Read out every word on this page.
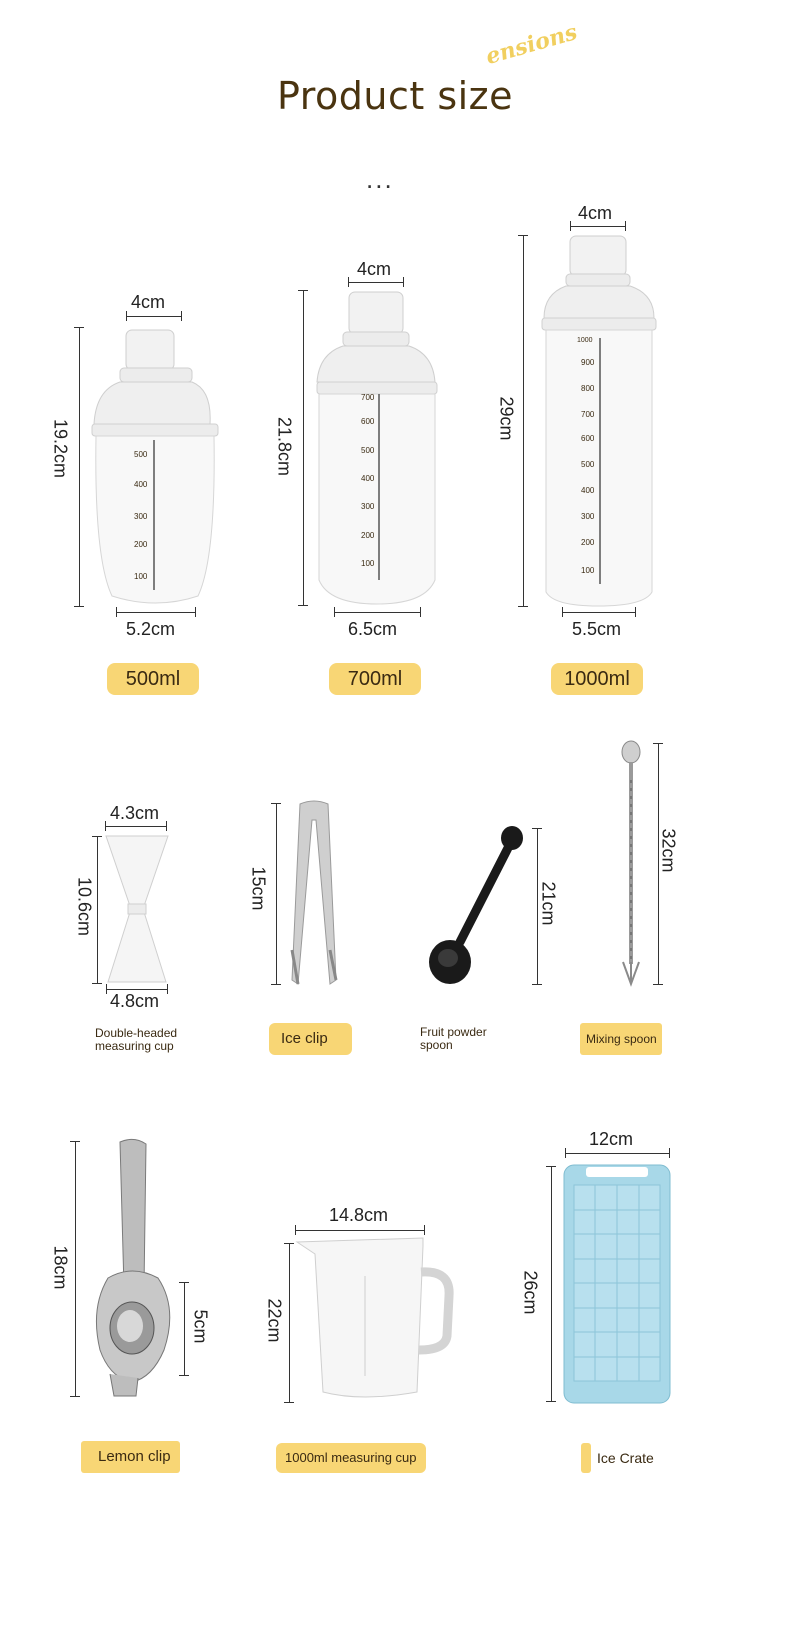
Product size
ensions
...
4cm
19.2cm	500
400
300
200
100
5.2cm
500ml
4cm
21.8cm
700
600
500
400
300
200
100
6.5cm
700ml
4cm
29cm
1000
900
800
700
600
500
400
300
200
100
5.5cm
1000ml
4.3cm
10.6cm
4.8cm
Double-headed measuring cup
15cm
Ice clip
21cm
Fruit powder spoon
32cm
Mixing spoon
18cm
5cm
Lemon clip
14.8cm
22cm
1000ml measuring cup
12cm
26cm
Ice Crate
